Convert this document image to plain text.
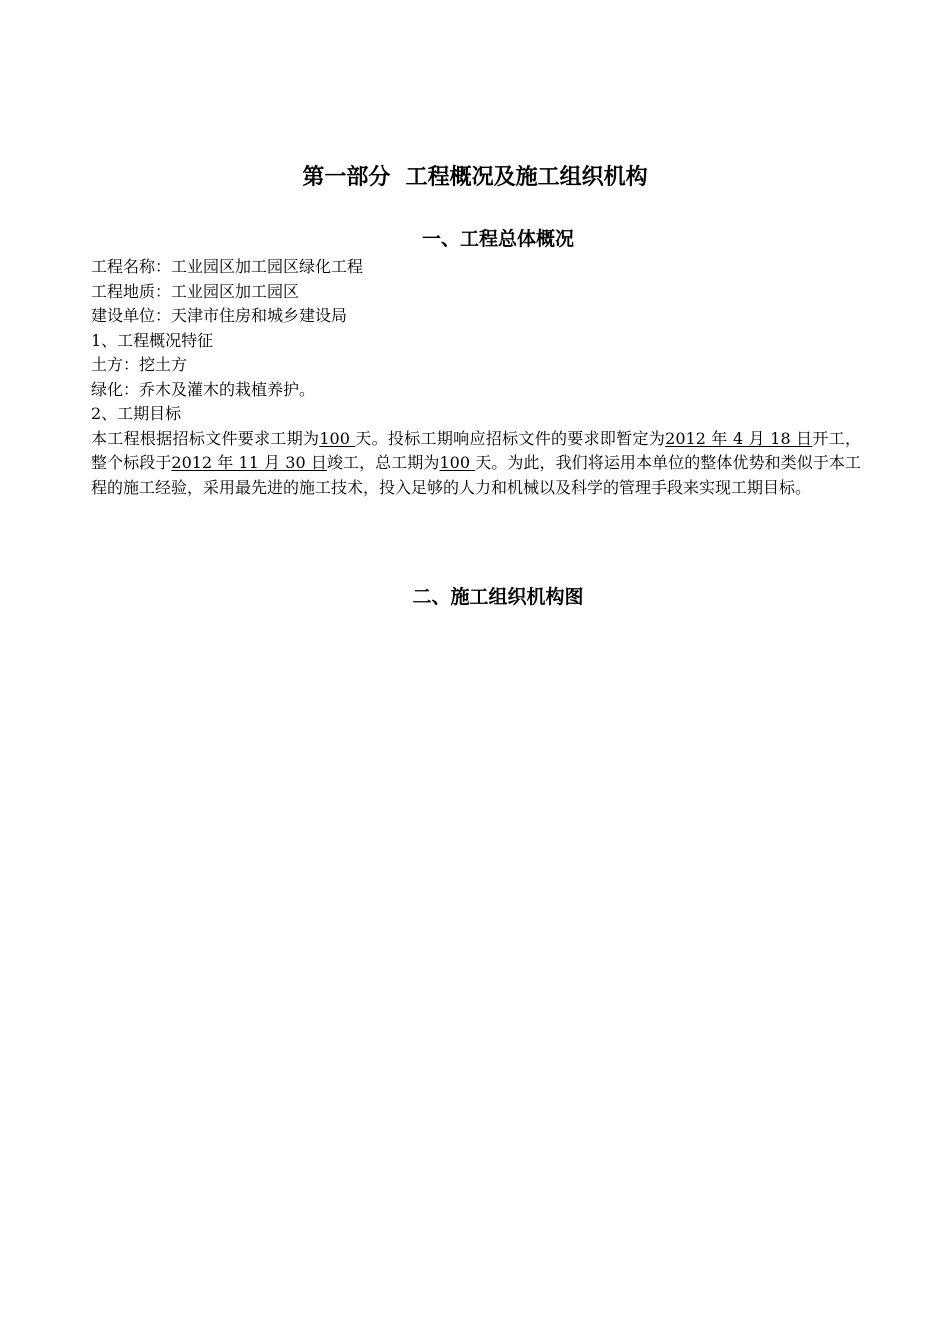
第一部分  工程概况及施工组织机构
一、工程总体概况
工程名称：工业园区加工园区绿化工程
工程地质：工业园区加工园区
建设单位：天津市住房和城乡建设局
1、工程概况特征
土方：挖土方
绿化：乔木及灌木的栽植养护。
2、工期目标
本工程根据招标文件要求工期为100 天。投标工期响应招标文件的要求即暂定为2012 年 4 月 18 日开工，整个标段于2012 年 11 月 30 日竣工，总工期为100 天。为此，我们将运用本单位的整体优势和类似于本工程的施工经验，采用最先进的施工技术，投入足够的人力和机械以及科学的管理手段来实现工期目标。
二、施工组织机构图
